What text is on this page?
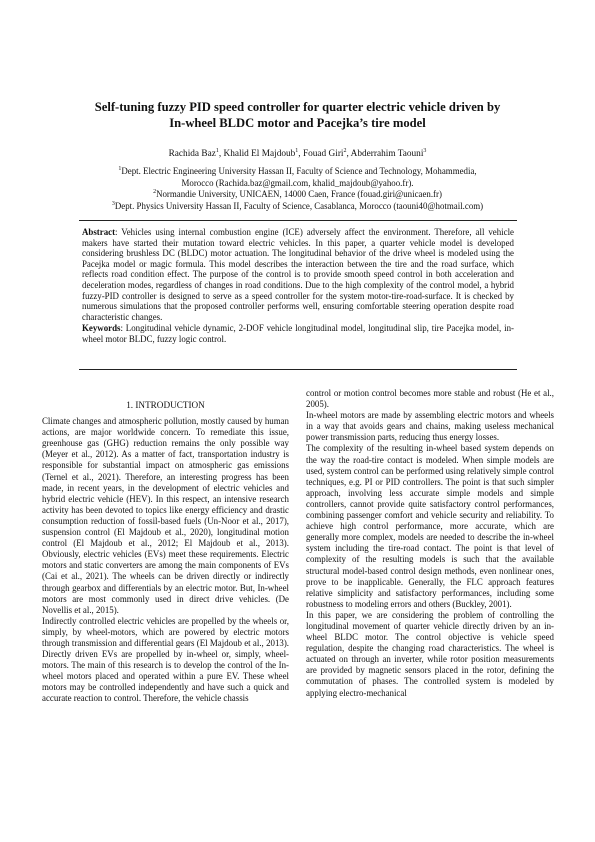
Self-tuning fuzzy PID speed controller for quarter electric vehicle driven by
In-wheel BLDC motor and Pacejka’s tire model
Rachida Baz$^1$, Khalid El Majdoub$^1$, Fouad Giri$^2$, Abderrahim Taouni$^3$
$^1$Dept. Electric Engineering University Hassan II, Faculty of Science and Technology, Mohammedia,
Morocco (Rachida.baz@gmail.com, khalid_majdoub@yahoo.fr).
$^2$Normandie University, UNICAEN, 14000 Caen, France (fouad.giri@unicaen.fr)
$^3$Dept. Physics University Hassan II, Faculty of Science, Casablanca, Morocco (taouni40@hotmail.com)

Abstract: Vehicles using internal combustion engine (ICE) adversely affect the environment. Therefore, all vehicle makers have started their mutation toward electric vehicles. In this paper, a quarter vehicle model is developed considering brushless DC (BLDC) motor actuation. The longitudinal behavior of the drive wheel is modeled using the Pacejka model or magic formula. This model describes the interaction between the tire and the road surface, which reflects road condition effect. The purpose of the control is to provide smooth speed control in both acceleration and deceleration modes, regardless of changes in road conditions. Due to the high complexity of the control model, a hybrid fuzzy-PID controller is designed to serve as a speed controller for the system motor-tire-road-surface. It is checked by numerous simulations that the proposed controller performs well, ensuring comfortable steering operation despite road characteristic changes.

Keywords: Longitudinal vehicle dynamic, 2-DOF vehicle longitudinal model, longitudinal slip, tire Pacejka model, in-wheel motor BLDC, fuzzy logic control.

1. INTRODUCTION

Climate changes and atmospheric pollution, mostly caused by human actions, are major worldwide concern. To remediate this issue, greenhouse gas (GHG) reduction remains the only possible way (Meyer et al., 2012). As a matter of fact, transportation industry is responsible for substantial impact on atmospheric gas emissions (Ternel et al., 2021). Therefore, an interesting progress has been made, in recent years, in the development of electric vehicles and hybrid electric vehicle (HEV). In this respect, an intensive research activity has been devoted to topics like energy efficiency and drastic consumption reduction of fossil-based fuels (Un-Noor et al., 2017), suspension control (El Majdoub et al., 2020), longitudinal motion control (El Majdoub et al., 2012; El Majdoub et al., 2013). Obviously, electric vehicles (EVs) meet these requirements. Electric motors and static converters are among the main components of EVs (Cai et al., 2021). The wheels can be driven directly or indirectly through gearbox and differentials by an electric motor. But, In-wheel motors are most commonly used in direct drive vehicles. (De Novellis et al., 2015).

Indirectly controlled electric vehicles are propelled by the wheels or, simply, by wheel-motors, which are powered by electric motors through transmission and differential gears (El Majdoub et al., 2013). Directly driven EVs are propelled by in-wheel or, simply, wheel-motors. The main of this research is to develop the control of the In-wheel motors placed and operated within a pure EV. These wheel motors may be controlled independently and have such a quick and accurate reaction to control. Therefore, the vehicle chassis

control or motion control becomes more stable and robust (He et al., 2005).

In-wheel motors are made by assembling electric motors and wheels in a way that avoids gears and chains, making useless mechanical power transmission parts, reducing thus energy losses.

The complexity of the resulting in-wheel based system depends on the way the road-tire contact is modeled. When simple models are used, system control can be performed using relatively simple control techniques, e.g. PI or PID controllers. The point is that such simpler approach, involving less accurate simple models and simple controllers, cannot provide quite satisfactory control performances, combining passenger comfort and vehicle security and reliability. To achieve high control performance, more accurate, which are generally more complex, models are needed to describe the in-wheel system including the tire-road contact. The point is that level of complexity of the resulting models is such that the available structural model-based control design methods, even nonlinear ones, prove to be inapplicable. Generally, the FLC approach features relative simplicity and satisfactory performances, including some robustness to modeling errors and others (Buckley, 2001).

In this paper, we are considering the problem of controlling the longitudinal movement of quarter vehicle directly driven by an in-wheel BLDC motor. The control objective is vehicle speed regulation, despite the changing road characteristics. The wheel is actuated on through an inverter, while rotor position measurements are provided by magnetic sensors placed in the rotor, defining the commutation of phases. The controlled system is modeled by applying electro-mechanical
